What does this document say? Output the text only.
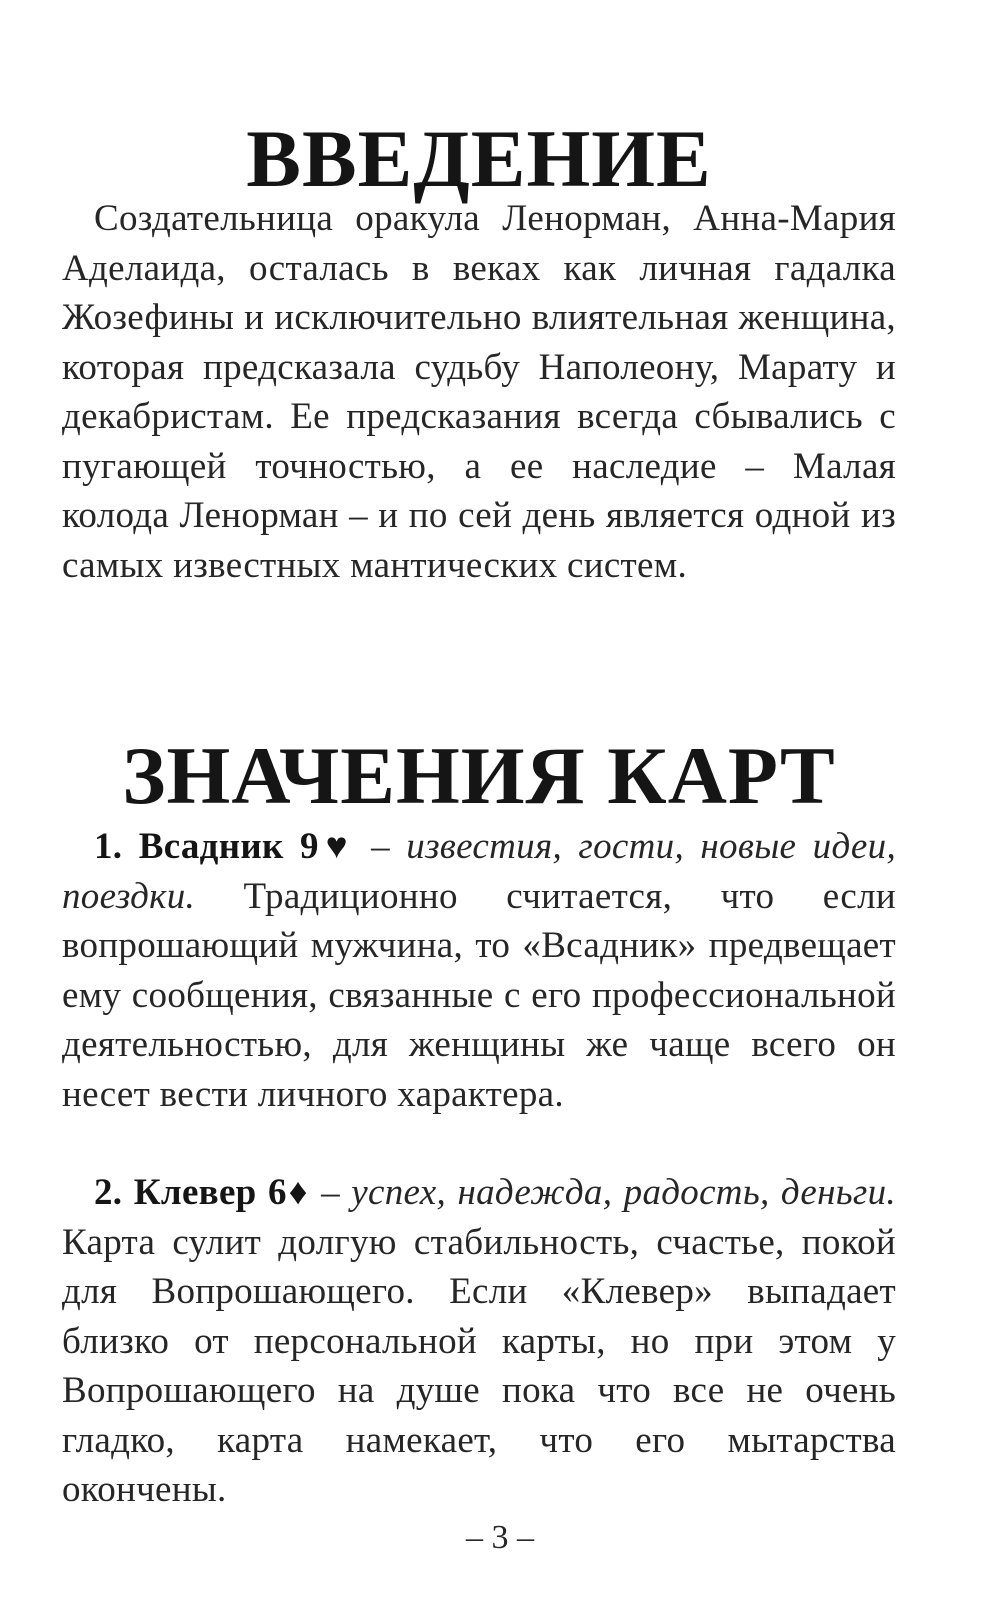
ВВЕДЕНИЕ

Создательница оракула Ленорман, Анна-Мария Аделаида, осталась в веках как личная гадалка Жозефины и исключительно влиятельная женщина, которая предсказала судьбу Наполеону, Марату и декабристам. Ее предсказания всегда сбывались с пугающей точностью, а ее наследие – Малая колода Ленорман – и по сей день является одной из самых известных мантических систем.

ЗНАЧЕНИЯ КАРТ

1. Всадник 9♥ – известия, гости, новые идеи, поездки. Традиционно считается, что если вопрошающий мужчина, то «Всадник» предвещает ему сообщения, связанные с его профессиональной деятельностью, для женщины же чаще всего он несет вести личного характера.

2. Клевер 6♦ – успех, надежда, радость, деньги. Карта сулит долгую стабильность, счастье, покой для Вопрошающего. Если «Клевер» выпадает близко от персональной карты, но при этом у Вопрошающего на душе пока что все не очень гладко, карта намекает, что его мытарства окончены.

– 3 –
